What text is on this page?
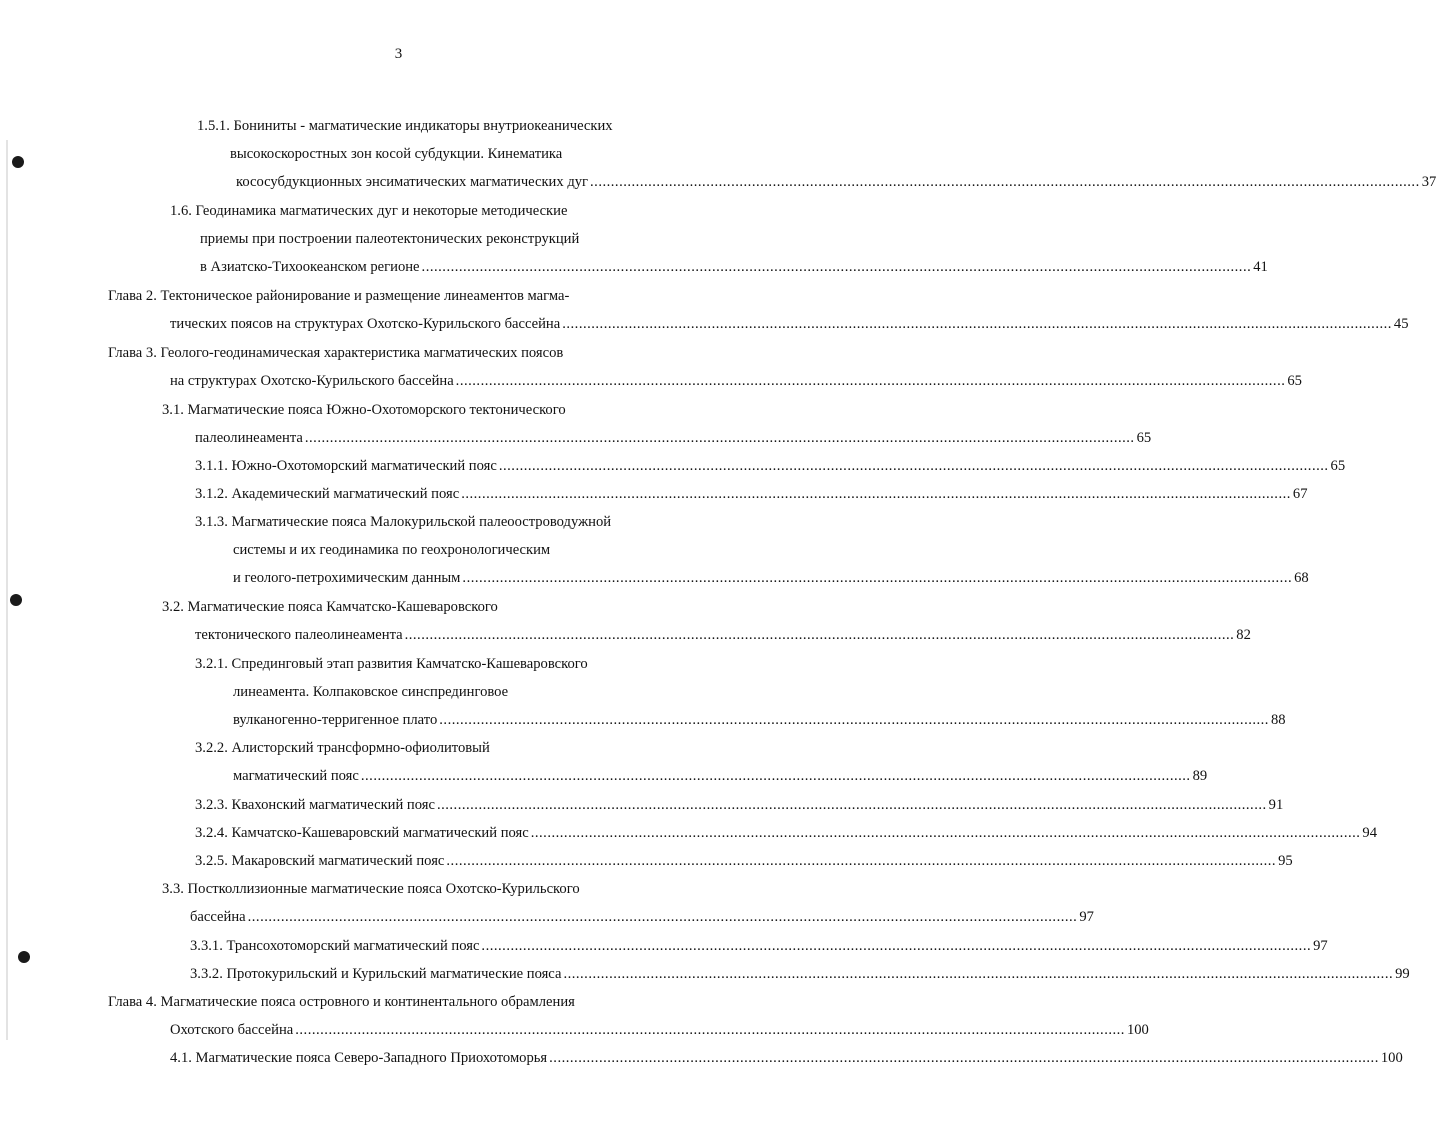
3
1.5.1. Бониниты - магматические индикаторы внутриокеанических
высокоскоростных зон косой субдукции. Кинематика
кососубдукционных энсиматических магматических дуг ........................................................................................................................................................................................................ 37
1.6. Геодинамика магматических дуг и некоторые методические
приемы при построении палеотектонических реконструкций
в Азиатско-Тихоокеанском регионе ........................................................................................................................................................................................................ 41
Глава 2. Тектоническое районирование и размещение линеаментов магма-
тических поясов на структурах Охотско-Курильского бассейна ........................................................................................................................................................................................................ 45
Глава 3. Геолого-геодинамическая характеристика магматических поясов
на структурах Охотско-Курильского бассейна ........................................................................................................................................................................................................ 65
3.1. Магматические пояса Южно-Охотоморского тектонического
палеолинеамента ........................................................................................................................................................................................................ 65
3.1.1. Южно-Охотоморский магматический пояс ........................................................................................................................................................................................................ 65
3.1.2. Академический магматический пояс ........................................................................................................................................................................................................ 67
3.1.3. Магматические пояса Малокурильской палеоостроводужной
системы и их геодинамика по геохронологическим
и геолого-петрохимическим данным ........................................................................................................................................................................................................ 68
3.2. Магматические пояса Камчатско-Кашеваровского
тектонического палеолинеамента ........................................................................................................................................................................................................ 82
3.2.1. Спрединговый этап развития Камчатско-Кашеваровского
линеамента. Колпаковское синспрединговое
вулканогенно-терригенное плато ........................................................................................................................................................................................................ 88
3.2.2. Алисторский трансформно-офиолитовый
магматический пояс ........................................................................................................................................................................................................ 89
3.2.3. Квахонский магматический пояс ........................................................................................................................................................................................................ 91
3.2.4. Камчатско-Кашеваровский магматический пояс ........................................................................................................................................................................................................ 94
3.2.5. Макаровский магматический пояс ........................................................................................................................................................................................................ 95
3.3. Постколлизионные магматические пояса Охотско-Курильского
бассейна ........................................................................................................................................................................................................ 97
3.3.1. Трансохотоморский магматический пояс ........................................................................................................................................................................................................ 97
3.3.2. Протокурильский и Курильский магматические пояса ........................................................................................................................................................................................................ 99
Глава 4. Магматические пояса островного и континентального обрамления
Охотского бассейна ........................................................................................................................................................................................................ 100
4.1. Магматические пояса Северо-Западного Приохотоморья ........................................................................................................................................................................................................ 100
